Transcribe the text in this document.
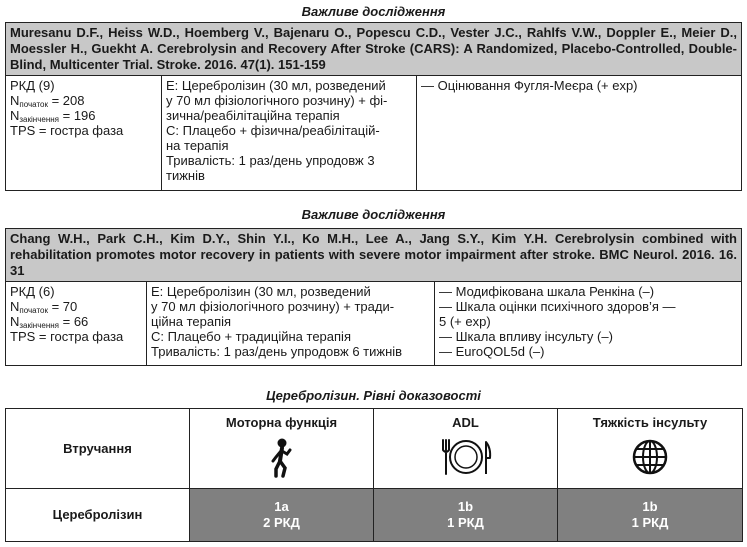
Важливе дослідження
Muresanu D.F., Heiss W.D., Hoemberg V., Bajenaru O., Popescu C.D., Vester J.C., Rahlfs V.W., Doppler E., Meier D., Moessler H., Guekht A. Cerebrolysin and Recovery After Stroke (CARS): A Randomized, Placebo-Controlled, Double-Blind, Multicenter Trial. Stroke. 2016. 47(1). 151-159
РКД (9)
$N_{початок} = 208$
$N_{закінчення} = 196$
TPS = гостра фаза
Е: Церебролізин (30 мл, розведений
у 70 мл фізіологічного розчину) + фі-
зична/реабілітаційна терапія
С: Плацебо + фізична/реабілітацій-
на терапія
Тривалість: 1 раз/день упродовж 3
тижнів
— Оцінювання Фугля-Меєра (+ exp)
Важливе дослідження
Chang W.H., Park C.H., Kim D.Y., Shin Y.I., Ko M.H., Lee A., Jang S.Y., Kim Y.H. Cerebrolysin combined with rehabilitation promotes motor recovery in patients with severe motor impairment after stroke. BMC Neurol. 2016. 16. 31
РКД (6)
$N_{початок} = 70$
$N_{закінчення} = 66$
TPS = гостра фаза
Е: Церебролізин (30 мл, розведений
у 70 мл фізіологічного розчину) + тради-
ційна терапія
С: Плацебо + традиційна терапія
Тривалість: 1 раз/день упродовж 6 тижнів
— Модифікована шкала Ренкіна (–)
— Шкала оцінки психічного здоров’я —
5 (+ exp)
— Шкала впливу інсульту (–)
— EuroQOL5d (–)
Церебролізин. Рівні доказовості
Втручання
Моторна функція	ADL	Тяжкість інсульту
Церебролізин
1a
2 РКД
1b
1 РКД
1b
1 РКД
